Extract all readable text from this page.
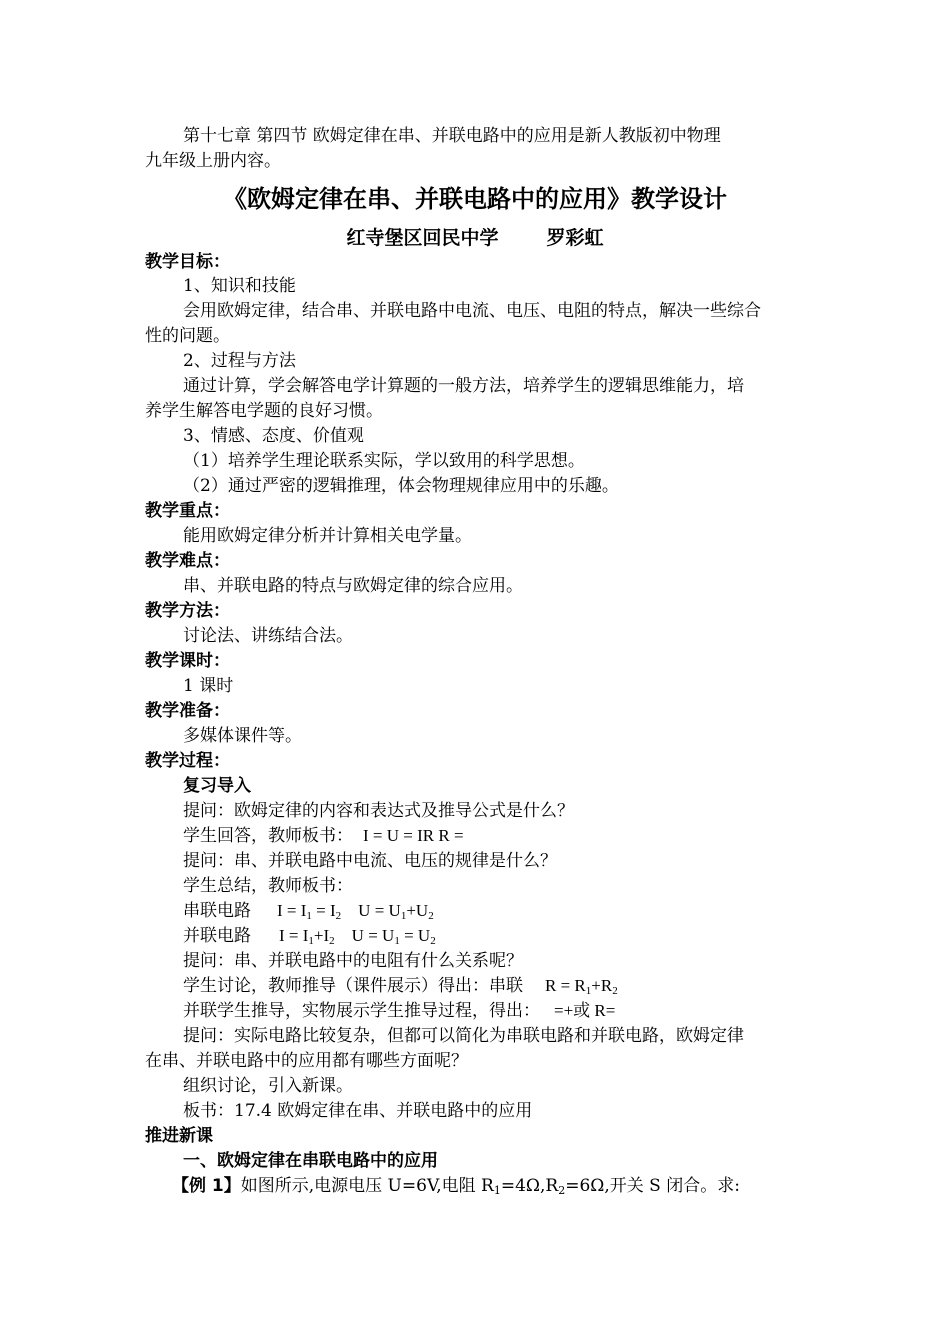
第十七章 第四节 欧姆定律在串、并联电路中的应用是新人教版初中物理
九年级上册内容。
《欧姆定律在串、并联电路中的应用》教学设计
红寺堡区回民中学	罗彩虹
教学目标：
1、知识和技能
会用欧姆定律，结合串、并联电路中电流、电压、电阻的特点，解决一些综合
性的问题。
2、过程与方法
通过计算，学会解答电学计算题的一般方法，培养学生的逻辑思维能力，培
养学生解答电学题的良好习惯。
3、情感、态度、价值观
（1）培养学生理论联系实际，学以致用的科学思想。
（2）通过严密的逻辑推理，体会物理规律应用中的乐趣。
教学重点：
能用欧姆定律分析并计算相关电学量。
教学难点：
串、并联电路的特点与欧姆定律的综合应用。
教学方法：
讨论法、讲练结合法。
教学课时：
1 课时
教学准备：
多媒体课件等。
教学过程：
复习导入
提问：欧姆定律的内容和表达式及推导公式是什么？
学生回答，教师板书： I = U = IR R =
提问：串、并联电路中电流、电压的规律是什么？
学生总结，教师板书：
串联电路 $I = I_1 = I_2$    $U = U_1+U_2$
并联电路 $I = I_1+I_2$    $U = U_1 = U_2$
提问：串、并联电路中的电阻有什么关系呢？
学生讨论，教师推导（课件展示）得出：串联 $R = R_1+R_2$
并联学生推导，实物展示学生推导过程，得出： =+或 R=
提问：实际电路比较复杂，但都可以简化为串联电路和并联电路，欧姆定律
在串、并联电路中的应用都有哪些方面呢？
组织讨论，引入新课。
板书：17.4 欧姆定律在串、并联电路中的应用
推进新课
一、欧姆定律在串联电路中的应用
【例 1】如图所示,电源电压 U=6V,电阻 $R_1=4\Omega,R_2=6\Omega$,开关 S 闭合。求:
